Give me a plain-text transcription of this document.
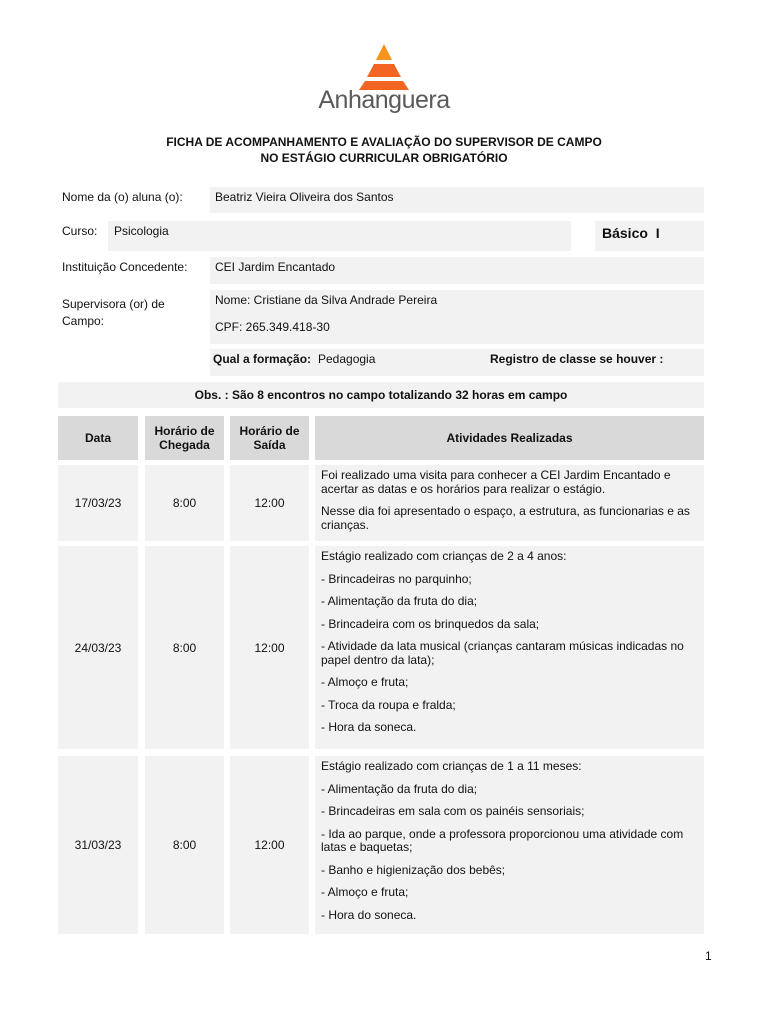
Anhanguera
FICHA DE ACOMPANHAMENTO E AVALIAÇÃO DO SUPERVISOR DE CAMPO
NO ESTÁGIO CURRICULAR OBRIGATÓRIO
Nome da (o) aluna (o):	Beatriz Vieira Oliveira dos Santos
Curso: Psicologia	Básico  I
Instituição Concedente: CEI Jardim Encantado
Supervisora (or) de
Campo:
Nome: Cristiane da Silva Andrade Pereira
CPF: 265.349.418-30
Qual a formação: Pedagogia	Registro de classe se houver :
Obs. : São 8 encontros no campo totalizando 32 horas em campo
Data	Horário de
Chegada
Horário de
Saída	Atividades Realizadas
17/03/23	8:00	12:00

Foi realizado uma visita para conhecer a CEI Jardim Encantado e acertar as datas e os horários para realizar o estágio.

Nesse dia foi apresentado o espaço, a estrutura, as funcionarias e as crianças.

24/03/23	8:00	12:00

Estágio realizado com crianças de 2 a 4 anos:

- Brincadeiras no parquinho;

- Alimentação da fruta do dia;

- Brincadeira com os brinquedos da sala;

- Atividade da lata musical (crianças cantaram músicas indicadas no papel dentro da lata);

- Almoço e fruta;

- Troca da roupa e fralda;

- Hora da soneca.

31/03/23	8:00	12:00

Estágio realizado com crianças de 1 a 11 meses:

- Alimentação da fruta do dia;

- Brincadeiras em sala com os painéis sensoriais;

- Ida ao parque, onde a professora proporcionou uma atividade com latas e baquetas;

- Banho e higienização dos bebês;

- Almoço e fruta;

- Hora do soneca.

1
